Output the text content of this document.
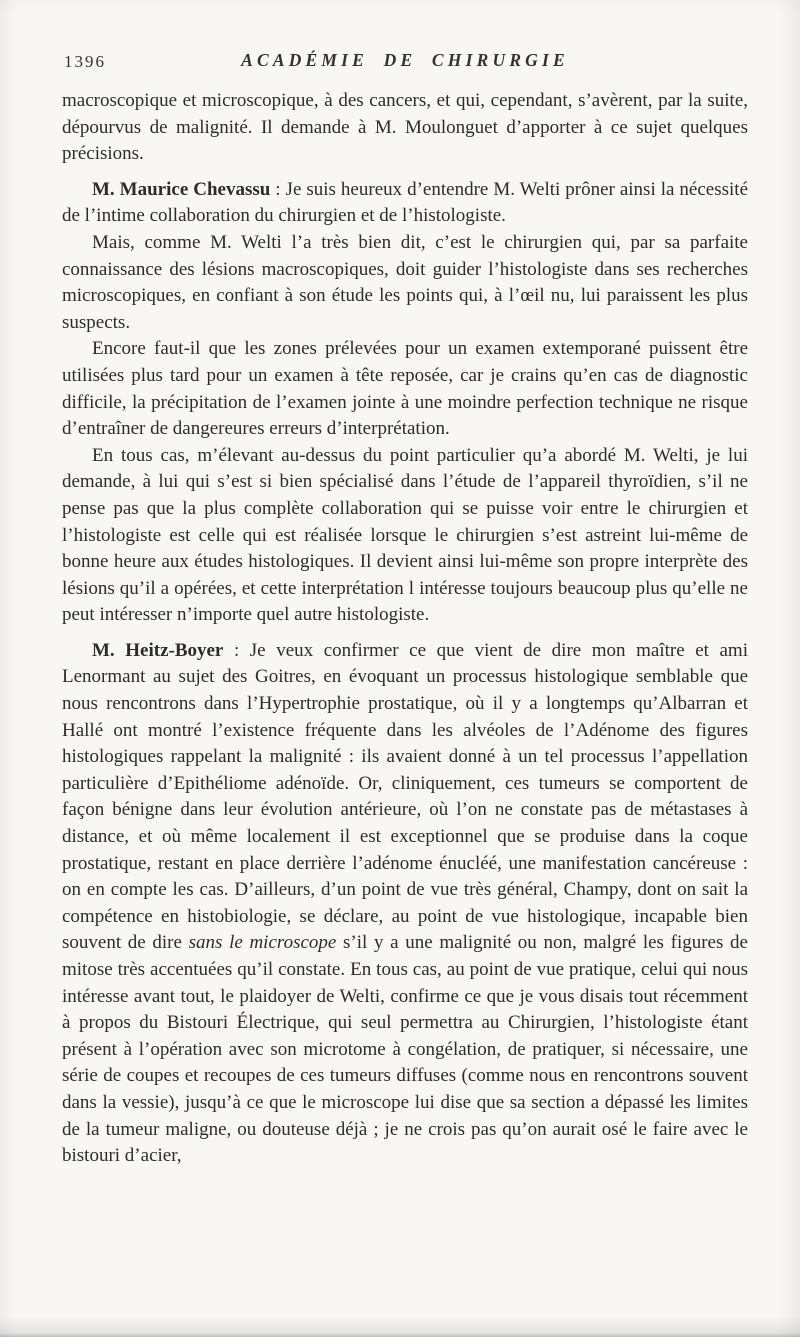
1396	ACADÉMIE DE CHIRURGIE

macroscopique et microscopique, à des cancers, et qui, cependant, s’avèrent, par la suite, dépourvus de malignité. Il demande à M. Moulonguet d’apporter à ce sujet quelques précisions.

M. Maurice Chevassu : Je suis heureux d’entendre M. Welti prôner ainsi la nécessité de l’intime collaboration du chirurgien et de l’histologiste.

Mais, comme M. Welti l’a très bien dit, c’est le chirurgien qui, par sa parfaite connaissance des lésions macroscopiques, doit guider l’histologiste dans ses recherches microscopiques, en confiant à son étude les points qui, à l’œil nu, lui paraissent les plus suspects.

Encore faut-il que les zones prélevées pour un examen extemporané puissent être utilisées plus tard pour un examen à tête reposée, car je crains qu’en cas de diagnostic difficile, la précipitation de l’examen jointe à une moindre perfection technique ne risque d’entraîner de dangereures erreurs d’interprétation.

En tous cas, m’élevant au-dessus du point particulier qu’a abordé M. Welti, je lui demande, à lui qui s’est si bien spécialisé dans l’étude de l’appareil thyroïdien, s’il ne pense pas que la plus complète collaboration qui se puisse voir entre le chirurgien et l’histologiste est celle qui est réalisée lorsque le chirurgien s’est astreint lui-même de bonne heure aux études histologiques. Il devient ainsi lui-même son propre interprète des lésions qu’il a opérées, et cette interprétation l intéresse toujours beaucoup plus qu’elle ne peut intéresser n’importe quel autre histologiste.

M. Heitz-Boyer : Je veux confirmer ce que vient de dire mon maître et ami Lenormant au sujet des Goitres, en évoquant un processus histologique semblable que nous rencontrons dans l’Hypertrophie prostatique, où il y a longtemps qu’Albarran et Hallé ont montré l’existence fréquente dans les alvéoles de l’Adénome des figures histologiques rappelant la malignité : ils avaient donné à un tel processus l’appellation particulière d’Epithéliome adénoïde. Or, cliniquement, ces tumeurs se comportent de façon bénigne dans leur évolution antérieure, où l’on ne constate pas de métastases à distance, et où même localement il est exceptionnel que se produise dans la coque prostatique, restant en place derrière l’adénome énucléé, une manifestation cancéreuse : on en compte les cas. D’ailleurs, d’un point de vue très général, Champy, dont on sait la compétence en histobiologie, se déclare, au point de vue histologique, incapable bien souvent de dire sans le microscope s’il y a une malignité ou non, malgré les figures de mitose très accentuées qu’il constate. En tous cas, au point de vue pratique, celui qui nous intéresse avant tout, le plaidoyer de Welti, confirme ce que je vous disais tout récemment à propos du Bistouri Électrique, qui seul permettra au Chirurgien, l’histologiste étant présent à l’opération avec son microtome à congélation, de pratiquer, si nécessaire, une série de coupes et recoupes de ces tumeurs diffuses (comme nous en rencontrons souvent dans la vessie), jusqu’à ce que le microscope lui dise que sa section a dépassé les limites de la tumeur maligne, ou douteuse déjà ; je ne crois pas qu’on aurait osé le faire avec le bistouri d’acier,
